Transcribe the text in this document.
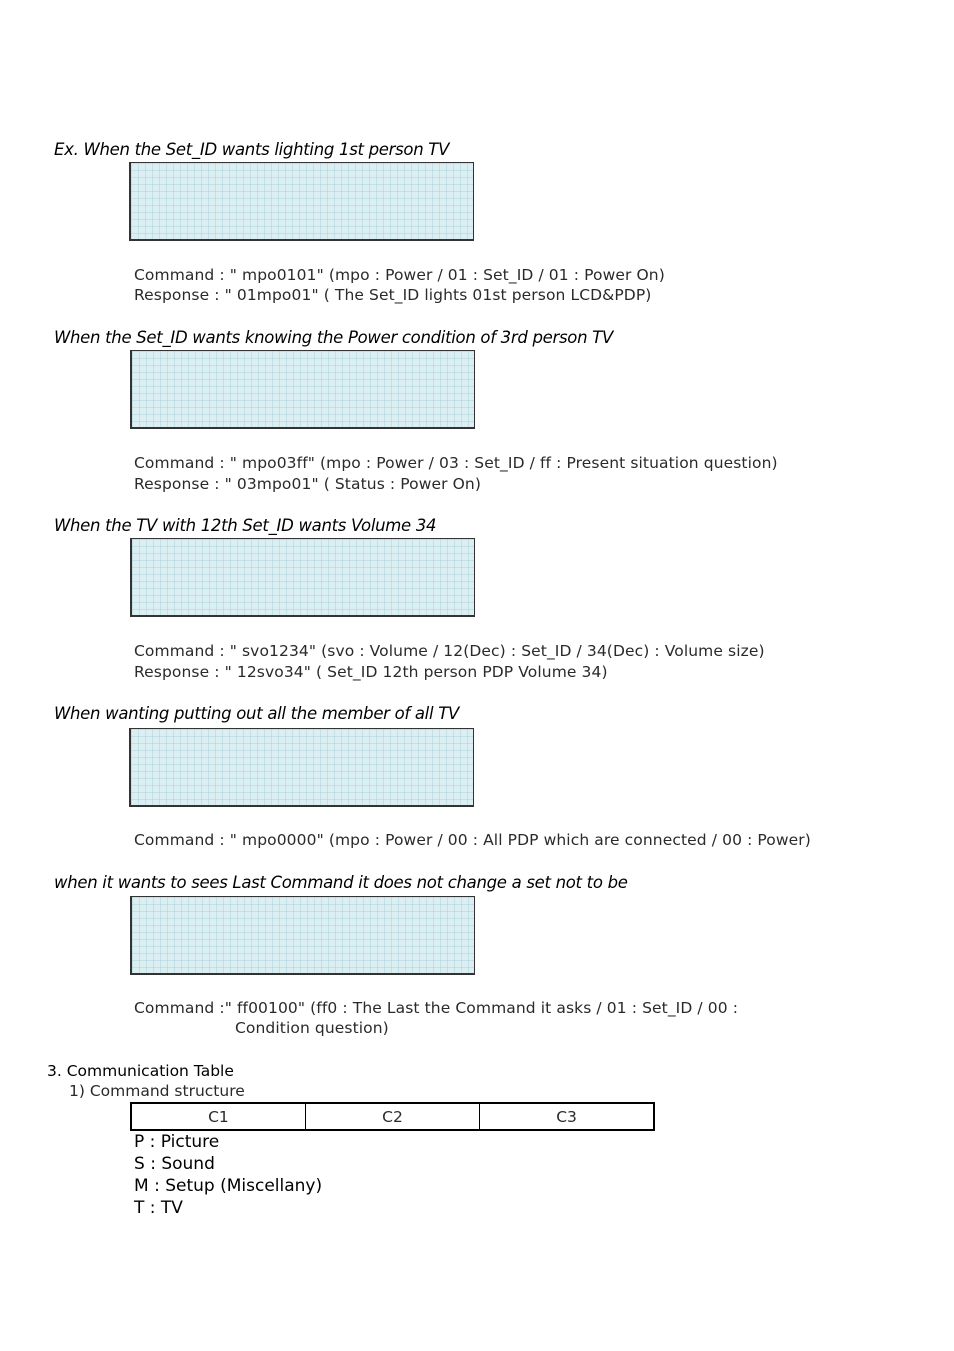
Ex. When the Set_ID wants lighting 1st person TV
Command : " mpo0101" (mpo : Power / 01 : Set_ID / 01 : Power On)
Response : " 01mpo01" ( The Set_ID lights 01st person LCD&PDP)
When the Set_ID wants knowing the Power condition of 3rd person TV
Command : " mpo03ff" (mpo : Power / 03 : Set_ID / ff : Present situation question)
Response : " 03mpo01" ( Status : Power On)
When the TV with 12th Set_ID wants Volume 34
Command : " svo1234" (svo : Volume / 12(Dec) : Set_ID / 34(Dec) : Volume size)
Response : " 12svo34" ( Set_ID 12th person PDP Volume 34)
When wanting putting out all the member of all TV
Command : " mpo0000" (mpo : Power / 00 : All PDP which are connected / 00 : Power)
when it wants to sees Last Command it does not change a set not to be
Command :" ff00100" (ff0 : The Last the Command it asks / 01 : Set_ID / 00 :
Condition question)
3. Communication Table
1) Command structure
C1	C2	C3
P : Picture
S : Sound
M : Setup (Miscellany)
T : TV
